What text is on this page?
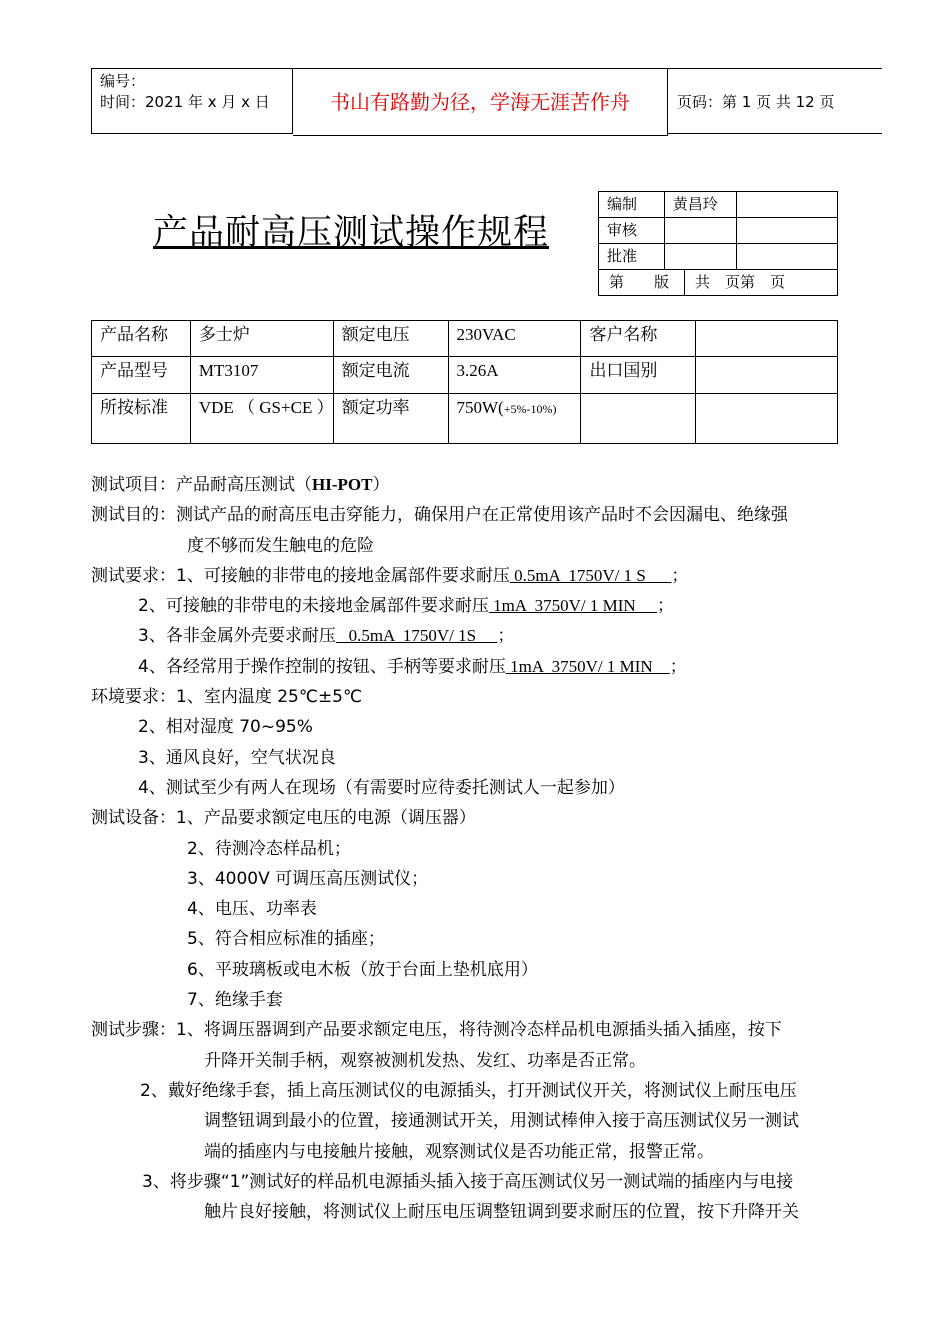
编号：
时间：2021 年 x 月 x 日	书山有路勤为径，学海无涯苦作舟	页码：第 1 页 共 12 页
产品耐高压测试操作规程
编制	黄昌玲	
审核		
批准		

第　　版 共　页第　页		
产品名称	多士炉	额定电压	230VAC	客户名称	
产品型号	MT3107	额定电流	3.26A	出口国别	
所按标准	VDE （ GS+CE ）	额定功率	750W(+5%-10%)		

测试项目：产品耐高压测试（HI-POT）

测试目的：测试产品的耐高压电击穿能力，确保用户在正常使用该产品时不会因漏电、绝缘强

度不够而发生触电的危险

测试要求：1、可接触的非带电的接地金属部件要求耐压 0.5mA  1750V/ 1 S      ；

2、可接触的非带电的未接地金属部件要求耐压 1mA  3750V/ 1 MIN     ；

3、各非金属外壳要求耐压   0.5mA  1750V/ 1S     ；

4、各经常用于操作控制的按钮、手柄等要求耐压 1mA  3750V/ 1 MIN    ；

环境要求：1、室内温度 25℃±5℃

2、相对湿度 70~95%

3、通风良好，空气状况良

4、测试至少有两人在现场（有需要时应待委托测试人一起参加）

测试设备：1、产品要求额定电压的电源（调压器）

2、待测冷态样品机；

3、4000V 可调压高压测试仪；

4、电压、功率表

5、符合相应标准的插座；

6、平玻璃板或电木板（放于台面上垫机底用）

7、绝缘手套

测试步骤：1、将调压器调到产品要求额定电压，将待测冷态样品机电源插头插入插座，按下

升降开关制手柄，观察被测机发热、发红、功率是否正常。

2、戴好绝缘手套，插上高压测试仪的电源插头，打开测试仪开关，将测试仪上耐压电压

调整钮调到最小的位置，接通测试开关，用测试棒伸入接于高压测试仪另一测试

端的插座内与电接触片接触，观察测试仪是否功能正常，报警正常。

3、将步骤“1”测试好的样品机电源插头插入接于高压测试仪另一测试端的插座内与电接

触片良好接触，将测试仪上耐压电压调整钮调到要求耐压的位置，按下升降开关
